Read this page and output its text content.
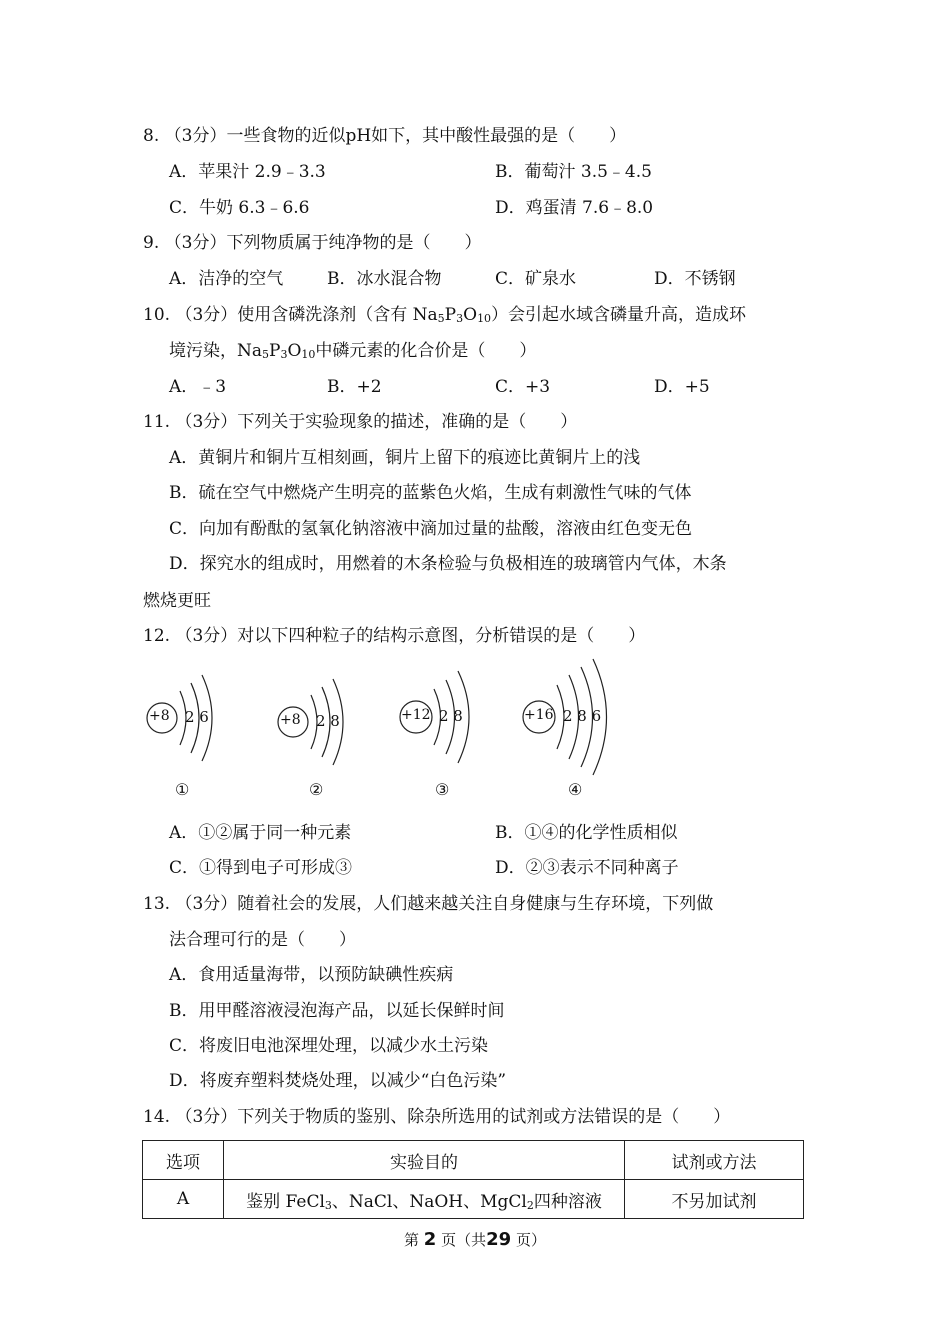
8. （3分）一些食物的近似pH如下，其中酸性最强的是（　　）
A．苹果汁 2.9﹣3.3	B．葡萄汁 3.5﹣4.5
C．牛奶 6.3﹣6.6	D．鸡蛋清 7.6﹣8.0
9. （3分）下列物质属于纯净物的是（　　）
A．洁净的空气	B．冰水混合物	C．矿泉水	D．不锈钢
10. （3分）使用含磷洗涤剂（含有 $Na_5P_3O_{10}$）会引起水域含磷量升高，造成环
境污染，$Na_5P_3O_{10}$中磷元素的化合价是（　　）
A．﹣3	B．+2	C．+3	D．+5
11. （3分）下列关于实验现象的描述，准确的是（　　）
A．黄铜片和铜片互相刻画，铜片上留下的痕迹比黄铜片上的浅
B．硫在空气中燃烧产生明亮的蓝紫色火焰，生成有刺激性气味的气体
C．向加有酚酞的氢氧化钠溶液中滴加过量的盐酸，溶液由红色变无色
D．探究水的组成时，用燃着的木条检验与负极相连的玻璃管内气体，木条
燃烧更旺
12. （3分）对以下四种粒子的结构示意图，分析错误的是（　　）
+8 2 6	+8 2 8	+12 2 8	+16 2 8 6
①	②	③	④
A．①②属于同一种元素	B．①④的化学性质相似
C．①得到电子可形成③	D．②③表示不同种离子
13. （3分）随着社会的发展，人们越来越关注自身健康与生存环境，下列做
法合理可行的是（　　）
A．食用适量海带，以预防缺碘性疾病
B．用甲醛溶液浸泡海产品，以延长保鲜时间
C．将废旧电池深埋处理，以减少水土污染
D．将废弃塑料焚烧处理，以减少“白色污染”
14. （3分）下列关于物质的鉴别、除杂所选用的试剂或方法错误的是（　　）
选项	实验目的	试剂或方法
A	鉴别 FeCl$_3$、NaCl、NaOH、MgCl$_2$四种溶液	不另加试剂
第 2 页（共29 页）
